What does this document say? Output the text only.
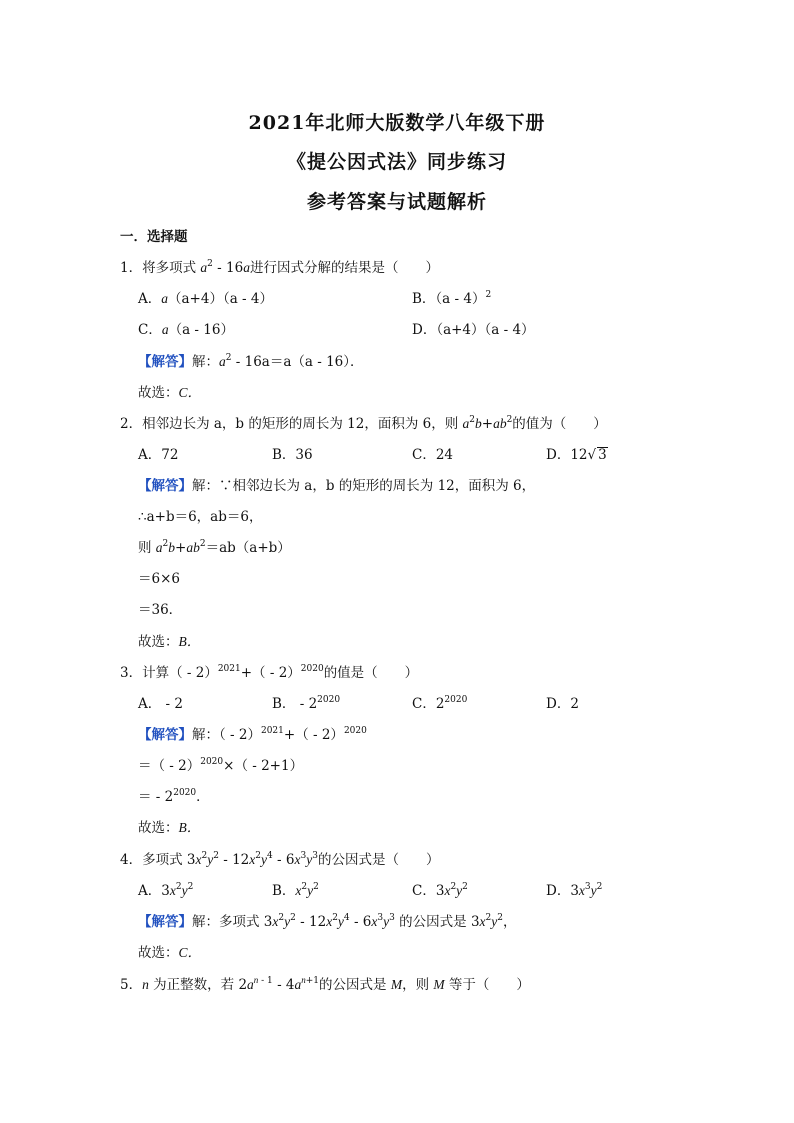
2021年北师大版数学八年级下册
《提公因式法》同步练习
参考答案与试题解析
一．选择题
1．将多项式 $a^2 - 16a$进行因式分解的结果是（　　）
A．a（a+4）（a - 4）	B．（a - 4）$^2$
C．a（a - 16）	D．（a+4）（a - 4）
【解答】解：$a^2 - 16a=a(a - 16)$．
故选：C．
2．相邻边长为 a，b 的矩形的周长为 12，面积为 6，则 $a^2b+ab^2$的值为（　　）
A．72	B．36	C．24	D．12√ 3
【解答】解：∵相邻边长为 a，b 的矩形的周长为 12，面积为 6，
∴a+b＝6，ab＝6，
则 $a^2b+ab^2=ab(a+b)$
＝6×6
＝36．
故选：B．
3．计算（ - 2）$^{2021}$+（ - 2）$^{2020}$的值是（　　）
A． - 2	B． - $2^{2020}$	C．$2^{2020}$	D．2
【解答】解：（ - 2）$^{2021}$+（ - 2）$^{2020}$
＝（ - 2）$^{2020}$×（ - 2+1）
＝ - $2^{2020}$．
故选：B．
4．多项式 $3x^2y^2 - 12x^2y^4 - 6x^3y^3$的公因式是（　　）
A．$3x^2y^2$	B．$x^2y^2$	C．$3x^2y^2$	D．$3x^3y^2$
【解答】解：多项式 $3x^2y^2 - 12x^2y^4 - 6x^3y^3$ 的公因式是 $3x^2y^2$，
故选：C．
5．n 为正整数，若 $2a^{n - 1} - 4a^{n+1}$的公因式是 M，则 M 等于（　　）
